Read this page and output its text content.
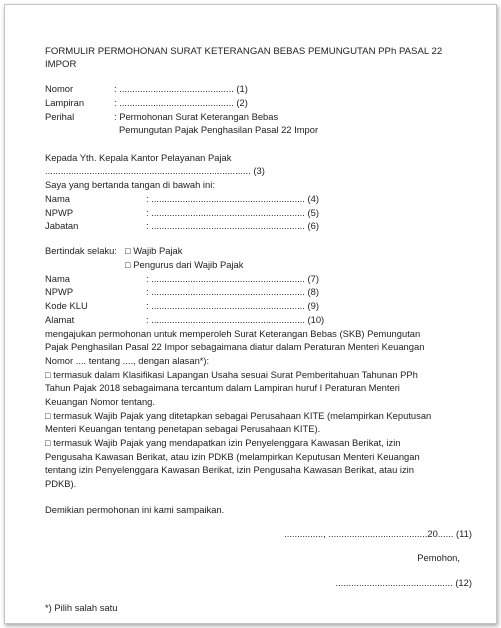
FORMULIR PERMOHONAN SURAT KETERANGAN BEBAS PEMUNGUTAN PPh PASAL 22
IMPOR
Nomor	: ............................................ (1)
Lampiran	: ............................................ (2)
Perihal	: Permohonan Surat Keterangan Bebas
Pemungutan Pajak Penghasilan Pasal 22 Impor
Kepada Yth. Kepala Kantor Pelayanan Pajak
............................................................................... (3)
Saya yang bertanda tangan di bawah ini:
Nama	: ........................................................... (4)
NPWP	: ........................................................... (5)
Jabatan	: ........................................................... (6)
Bertindak selaku: □ Wajib Pajak
□ Pengurus dari Wajib Pajak
Nama	: ........................................................... (7)
NPWP	: ........................................................... (8)
Kode KLU	: ........................................................... (9)
Alamat	: ........................................................... (10)
mengajukan permohonan untuk memperoleh Surat Keterangan Bebas (SKB) Pemungutan
Pajak Penghasilan Pasal 22 Impor sebagaimana diatur dalam Peraturan Menteri Keuangan
Nomor .... tentang ...., dengan alasan*):
□ termasuk dalam Klasifikasi Lapangan Usaha sesuai Surat Pemberitahuan Tahunan PPh
Tahun Pajak 2018 sebagaimana tercantum dalam Lampiran huruf I Peraturan Menteri
Keuangan Nomor tentang.
□ termasuk Wajib Pajak yang ditetapkan sebagai Perusahaan KITE (melampirkan Keputusan
Menteri Keuangan tentang penetapan sebagai Perusahaan KITE).
□ termasuk Wajib Pajak yang mendapatkan izin Penyelenggara Kawasan Berikat, izin
Pengusaha Kawasan Berikat, atau izin PDKB (melampirkan Keputusan Menteri Keuangan
tentang izin Penyelenggara Kawasan Berikat, izin Pengusaha Kawasan Berikat, atau izin
PDKB).
Demikian permohonan ini kami sampaikan.
..............., ......................................20...... (11)
Pemohon,
............................................. (12)
*) Pilih salah satu
